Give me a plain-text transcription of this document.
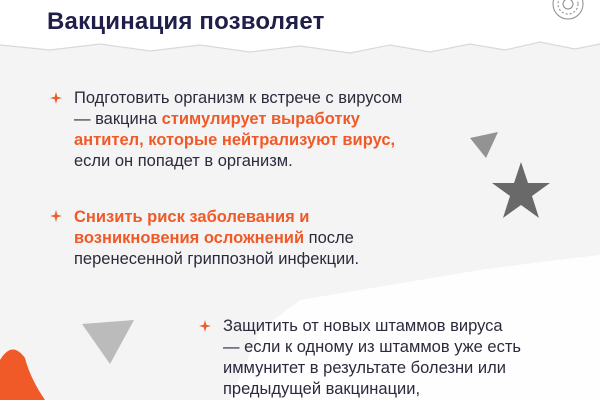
Вакцинация позволяет
Подготовить организм к встрече с вирусом — вакцина стимулирует выработку антител, которые нейтрализуют вирус, если он попадет в организм.
Снизить риск заболевания и возникновения осложнений после перенесенной гриппозной инфекции.
Защитить от новых штаммов вируса — если к одному из штаммов уже есть иммунитет в результате болезни или предыдущей вакцинации,
